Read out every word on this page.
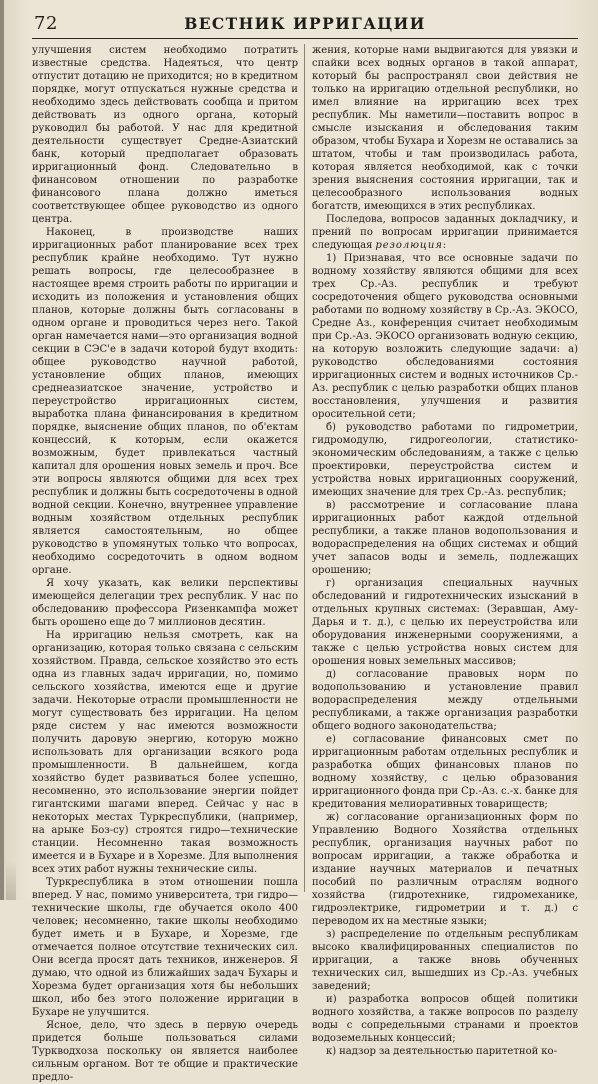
72	ВЕСТНИК ИРРИГАЦИИ

улучшения систем необходимо потратить известные средства. Надеяться, что центр отпустит дотацию не приходится; но в кредитном порядке, могут отпускаться нужные средства и необходимо здесь действовать сообща и притом действовать из одного органа, который руководил бы работой. У нас для кредитной деятельности существует Средне-Азиатский банк, который предполагает образовать ирригационный фонд. Следовательно в финансовом отношении по разработке финансового плана должно иметься соответствующее общее руководство из одного центра.

Наконец, в производстве наших ирригационных работ планирование всех трех республик крайне необходимо. Тут нужно решать вопросы, где целесообразнее в настоящее время строить работы по ирригации и исходить из положения и установления общих планов, которые должны быть согласованы в одном органе и проводиться через него. Такой орган намечается нами—это организация водной секции в СЭС'е в задачи которой будут входить: общее руководство научной работой, установление общих планов, имеющих среднеазиатское значение, устройство и переустройство ирригационных систем, выработка плана финансирования в кредитном порядке, выяснение общих планов, по об'ектам концессий, к которым, если окажется возможным, будет привлекаться частный капитал для орошения новых земель и проч. Все эти вопросы являются общими для всех трех республик и должны быть сосредоточены в одной водной секции. Конечно, внутреннее управление водным хозяйством отдельных республик является самостоятельным, но общее руководство в упомянутых только что вопросах, необходимо сосредоточить в одном водном органе.

Я хочу указать, как велики перспективы имеющейся делегации трех республик. У нас по обследованию профессора Ризенкампфа может быть орошено еще до 7 миллионов десятин.

На ирригацию нельзя смотреть, как на организацию, которая только связана с сельским хозяйством. Правда, сельское хозяйство это есть одна из главных задач ирригации, но, помимо сельского хозяйства, имеются еще и другие задачи. Некоторые отрасли промышленности не могут существовать без ирригации. На целом ряде систем у нас имеются возможности получить даровую энергию, которую можно использовать для организации всякого рода промышленности. В дальнейшем, когда хозяйство будет развиваться более успешно, несомненно, это использование энергии пойдет гигантскими шагами вперед. Сейчас у нас в некоторых местах Туркреспублики, (например, на арыке Боз-су) строятся гидро—технические станции. Несомненно такая возможность имеется и в Бухаре и в Хорезме. Для выполнения всех этих работ нужны технические силы.

Туркреспублика в этом отношении пошла вперед. У нас, помимо университета, три гидро—технические школы, где обучается около 400 человек; несомненно, такие школы необходимо будет иметь и в Бухаре, и Хорезме, где отмечается полное отсутствие технических сил. Они всегда просят дать техников, инженеров. Я думаю, что одной из ближайших задач Бухары и Хорезма будет организация хотя бы небольших школ, ибо без этого положение ирригации в Бухаре не улучшится.

Ясное, дело, что здесь в первую очередь придется больше пользоваться силами Туркводхоза поскольку он является наиболее сильным органом. Вот те общие и практические предло-

жения, которые нами выдвигаются для увязки и спайки всех водных органов в такой аппарат, который бы распространял свои действия не только на ирригацию отдельной республики, но имел влияние на ирригацию всех трех республик. Мы наметили—поставить вопрос в смысле изыскания и обследования таким образом, чтобы Бухара и Хорезм не оставались за штатом, чтобы и там производилась работа, которая является необходимой, как с точки зрения выяснения состояния ирригации, так и целесообразного использования водных богатств, имеющихся в этих республиках.

Последова, вопросов заданных докладчику, и прений по вопросам ирригации принимается следующая резолюция:

1) Признавая, что все основные задачи по водному хозяйству являются общими для всех трех Ср.-Аз. республик и требуют сосредоточения общего руководства основными работами по водному хозяйству в Ср.-Аз. ЭКОСО, Средне Аз., конференция считает необходимым при Ср.-Аз. ЭКОСО организовать водную секцию, на которую возложить следующие задачи: а) руководство обследованиями состояния ирригационных систем и водных источников Ср.-Аз. республик с целью разработки общих планов восстановления, улучшения и развития оросительной сети;

б) руководство работами по гидрометрии, гидромодулю, гидрогеологии, статистико-экономическим обследованиям, а также с целью проектировки, переустройства систем и устройства новых ирригационных сооружений, имеющих значение для трех Ср.-Аз. республик;

в) рассмотрение и согласование плана ирригационных работ каждой отдельной республики, а также планов водопользования и водораспределения на общих системах и общий учет запасов воды и земель, подлежащих орошению;

г) организация специальных научных обследований и гидротехнических изысканий в отдельных крупных системах: (Зеравшан, Аму-Дарья и т. д.), с целью их переустройства или оборудования инженерными сооружениями, а также с целью устройства новых систем для орошения новых земельных массивов;

д) согласование правовых норм по водопользованию и установление правил водораспределения между отдельными республиками, а также организация разработки общего водного законодательства;

е) согласование финансовых смет по ирригационным работам отдельных республик и разработка общих финансовых планов по водному хозяйству, с целью образования ирригационного фонда при Ср.-Аз. с.-х. банке для кредитования мелиоративных товариществ;

ж) согласование организационных форм по Управлению Водного Хозяйства отдельных республик, организация научных работ по вопросам ирригации, а также обработка и издание научных материалов и печатных пособий по различным отраслям водного хозяйства (гидротехнике, гидромеханике, гидроэлектрике, гидрометрии и т. д.) с переводом их на местные языки;

з) распределение по отдельным республикам высоко квалифицированных специалистов по ирригации, а также вновь обученных технических сил, вышедших из Ср.-Аз. учебных заведений;

и) разработка вопросов общей политики водного хозяйства, а также вопросов по разделу воды с сопредельными странами и проектов водоземельных концессий;

к) надзор за деятельностью паритетной ко-
